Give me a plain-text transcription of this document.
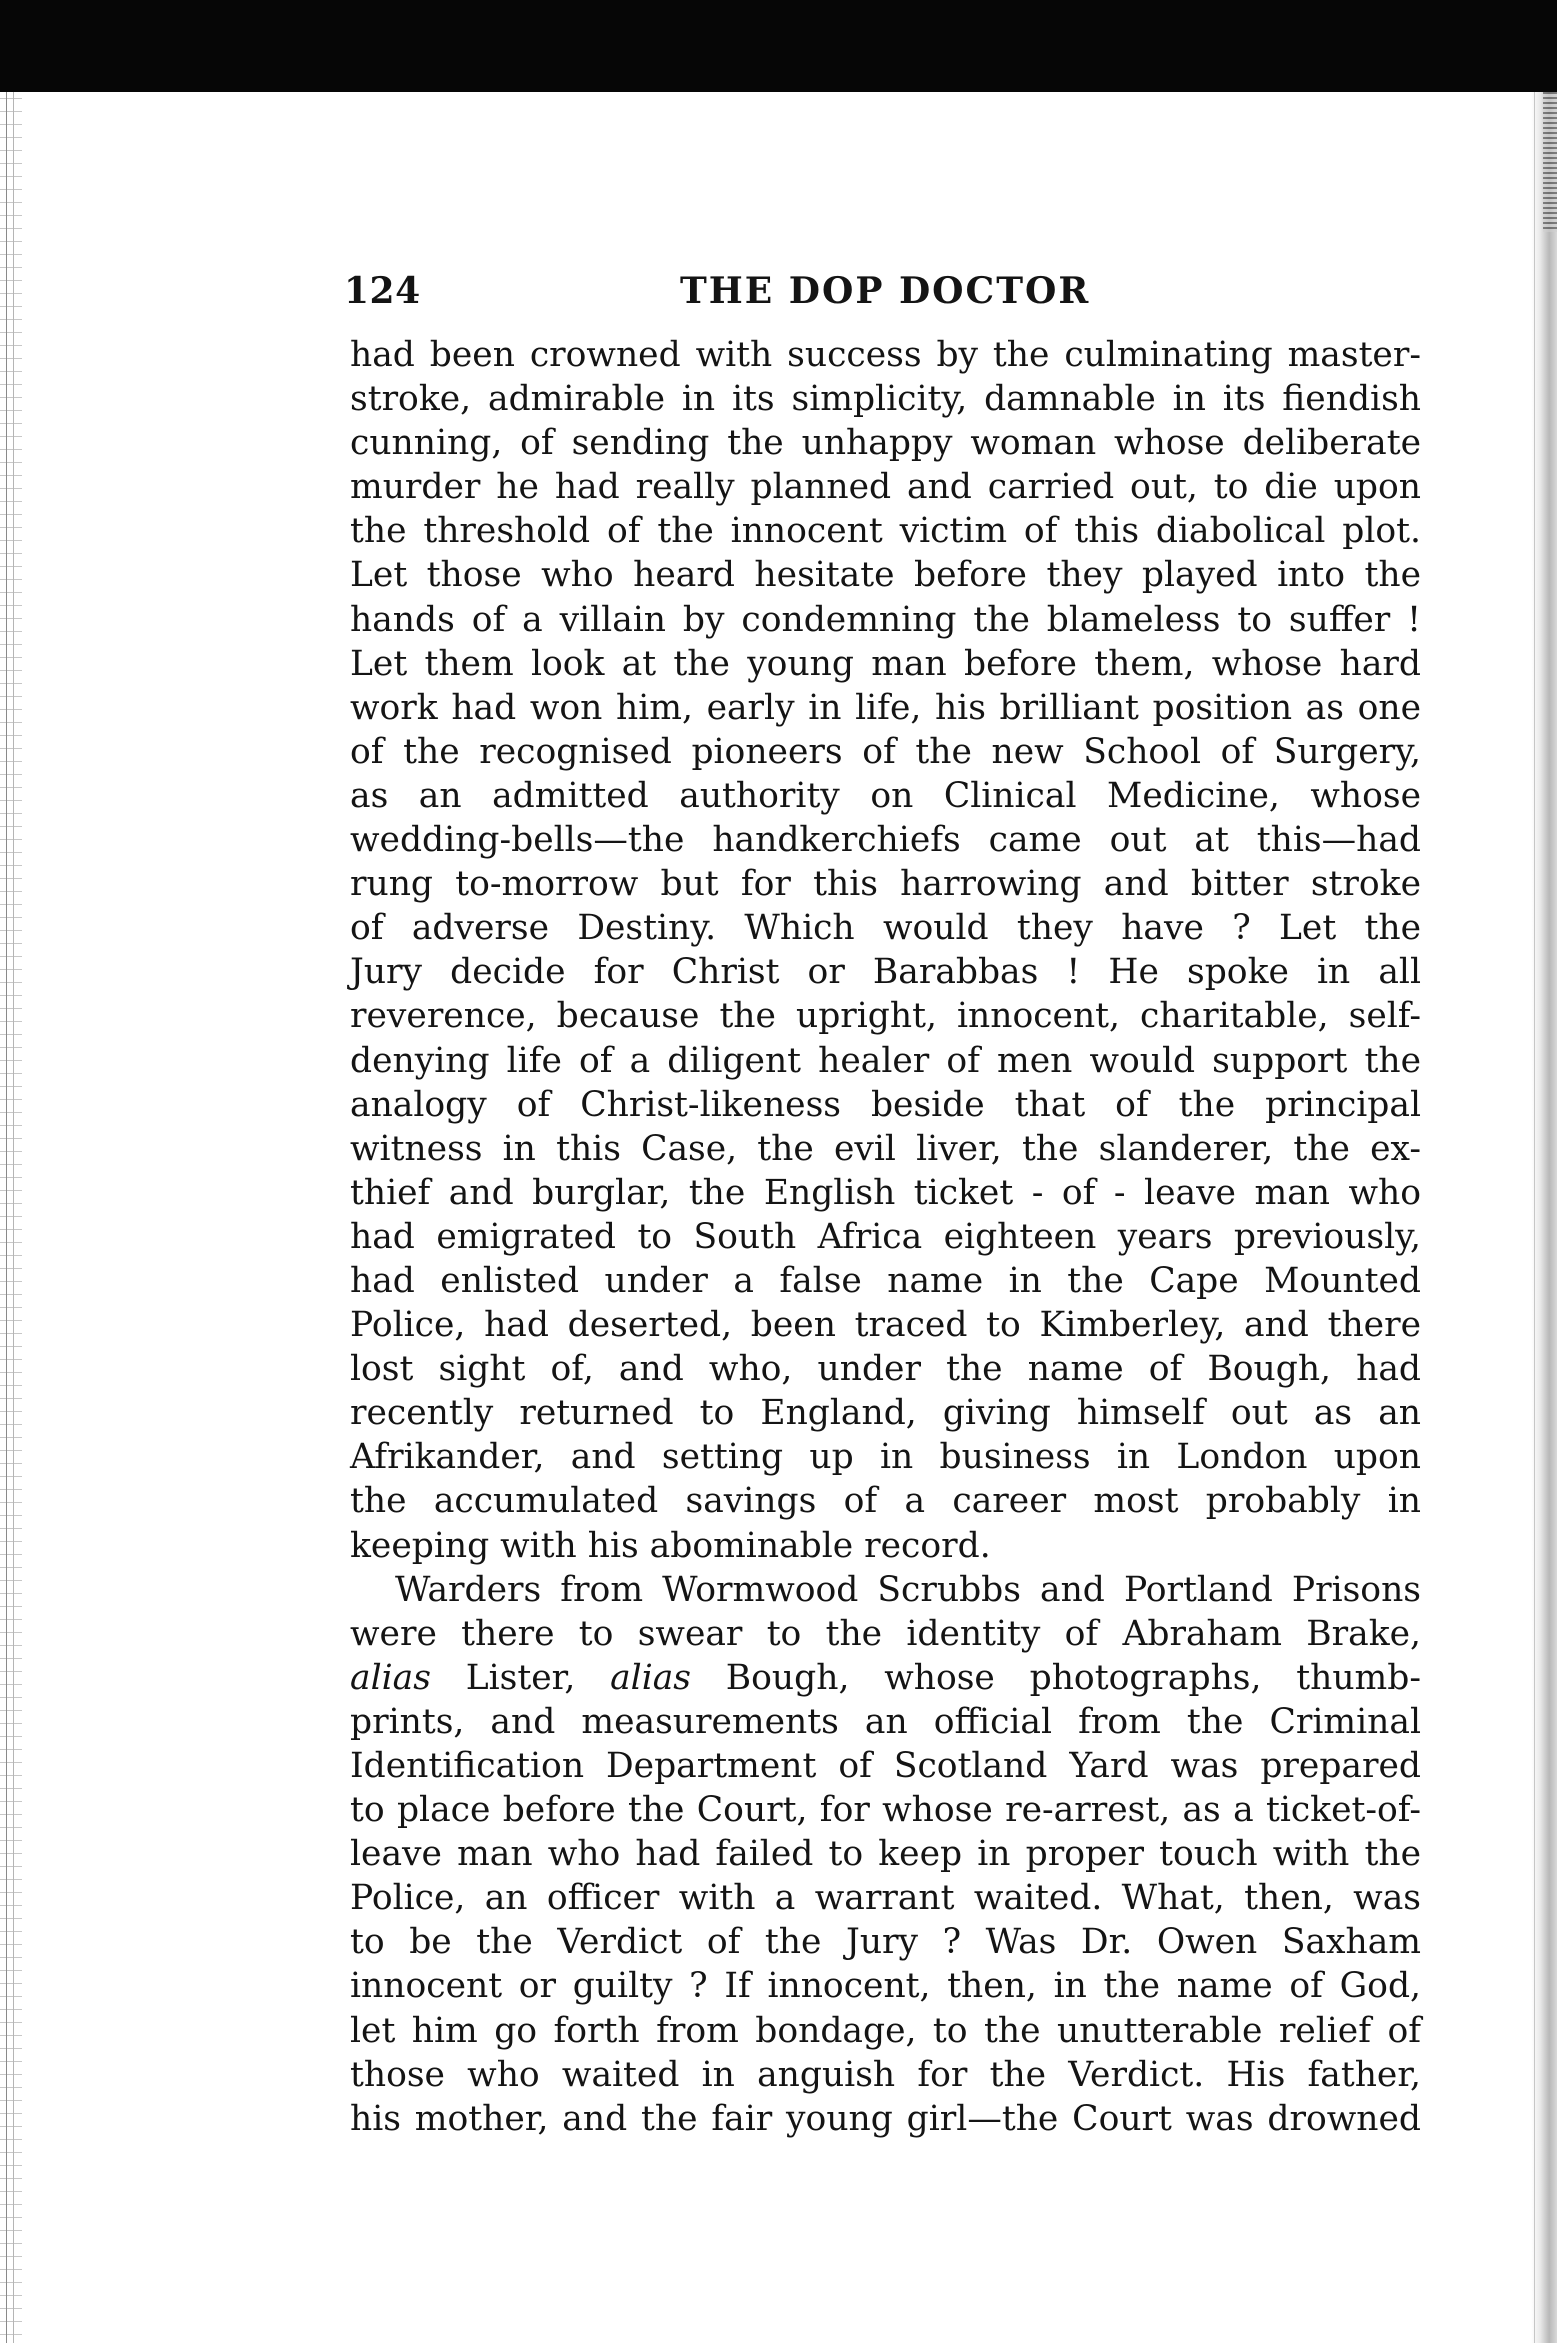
124	THE DOP DOCTOR
had been crowned with success by the culminating master-
stroke, admirable in its simplicity, damnable in its fiendish
cunning, of sending the unhappy woman whose deliberate
murder he had really planned and carried out, to die upon
the threshold of the innocent victim of this diabolical plot.
Let those who heard hesitate before they played into the
hands of a villain by condemning the blameless to suffer !
Let them look at the young man before them, whose hard
work had won him, early in life, his brilliant position as one
of the recognised pioneers of the new School of Surgery,
as an admitted authority on Clinical Medicine, whose
wedding-bells—the handkerchiefs came out at this—had
rung to-morrow but for this harrowing and bitter stroke
of adverse Destiny. Which would they have ? Let the
Jury decide for Christ or Barabbas ! He spoke in all
reverence, because the upright, innocent, charitable, self-
denying life of a diligent healer of men would support the
analogy of Christ-likeness beside that of the principal
witness in this Case, the evil liver, the slanderer, the ex-
thief and burglar, the English ticket - of - leave man who
had emigrated to South Africa eighteen years previously,
had enlisted under a false name in the Cape Mounted
Police, had deserted, been traced to Kimberley, and there
lost sight of, and who, under the name of Bough, had
recently returned to England, giving himself out as an
Afrikander, and setting up in business in London upon
the accumulated savings of a career most probably in
keeping with his abominable record.
Warders from Wormwood Scrubbs and Portland Prisons
were there to swear to the identity of Abraham Brake,
alias Lister, alias Bough, whose photographs, thumb-
prints, and measurements an official from the Criminal
Identification Department of Scotland Yard was prepared
to place before the Court, for whose re-arrest, as a ticket-of-
leave man who had failed to keep in proper touch with the
Police, an officer with a warrant waited. What, then, was
to be the Verdict of the Jury ? Was Dr. Owen Saxham
innocent or guilty ? If innocent, then, in the name of God,
let him go forth from bondage, to the unutterable relief of
those who waited in anguish for the Verdict. His father,
his mother, and the fair young girl—the Court was drowned
